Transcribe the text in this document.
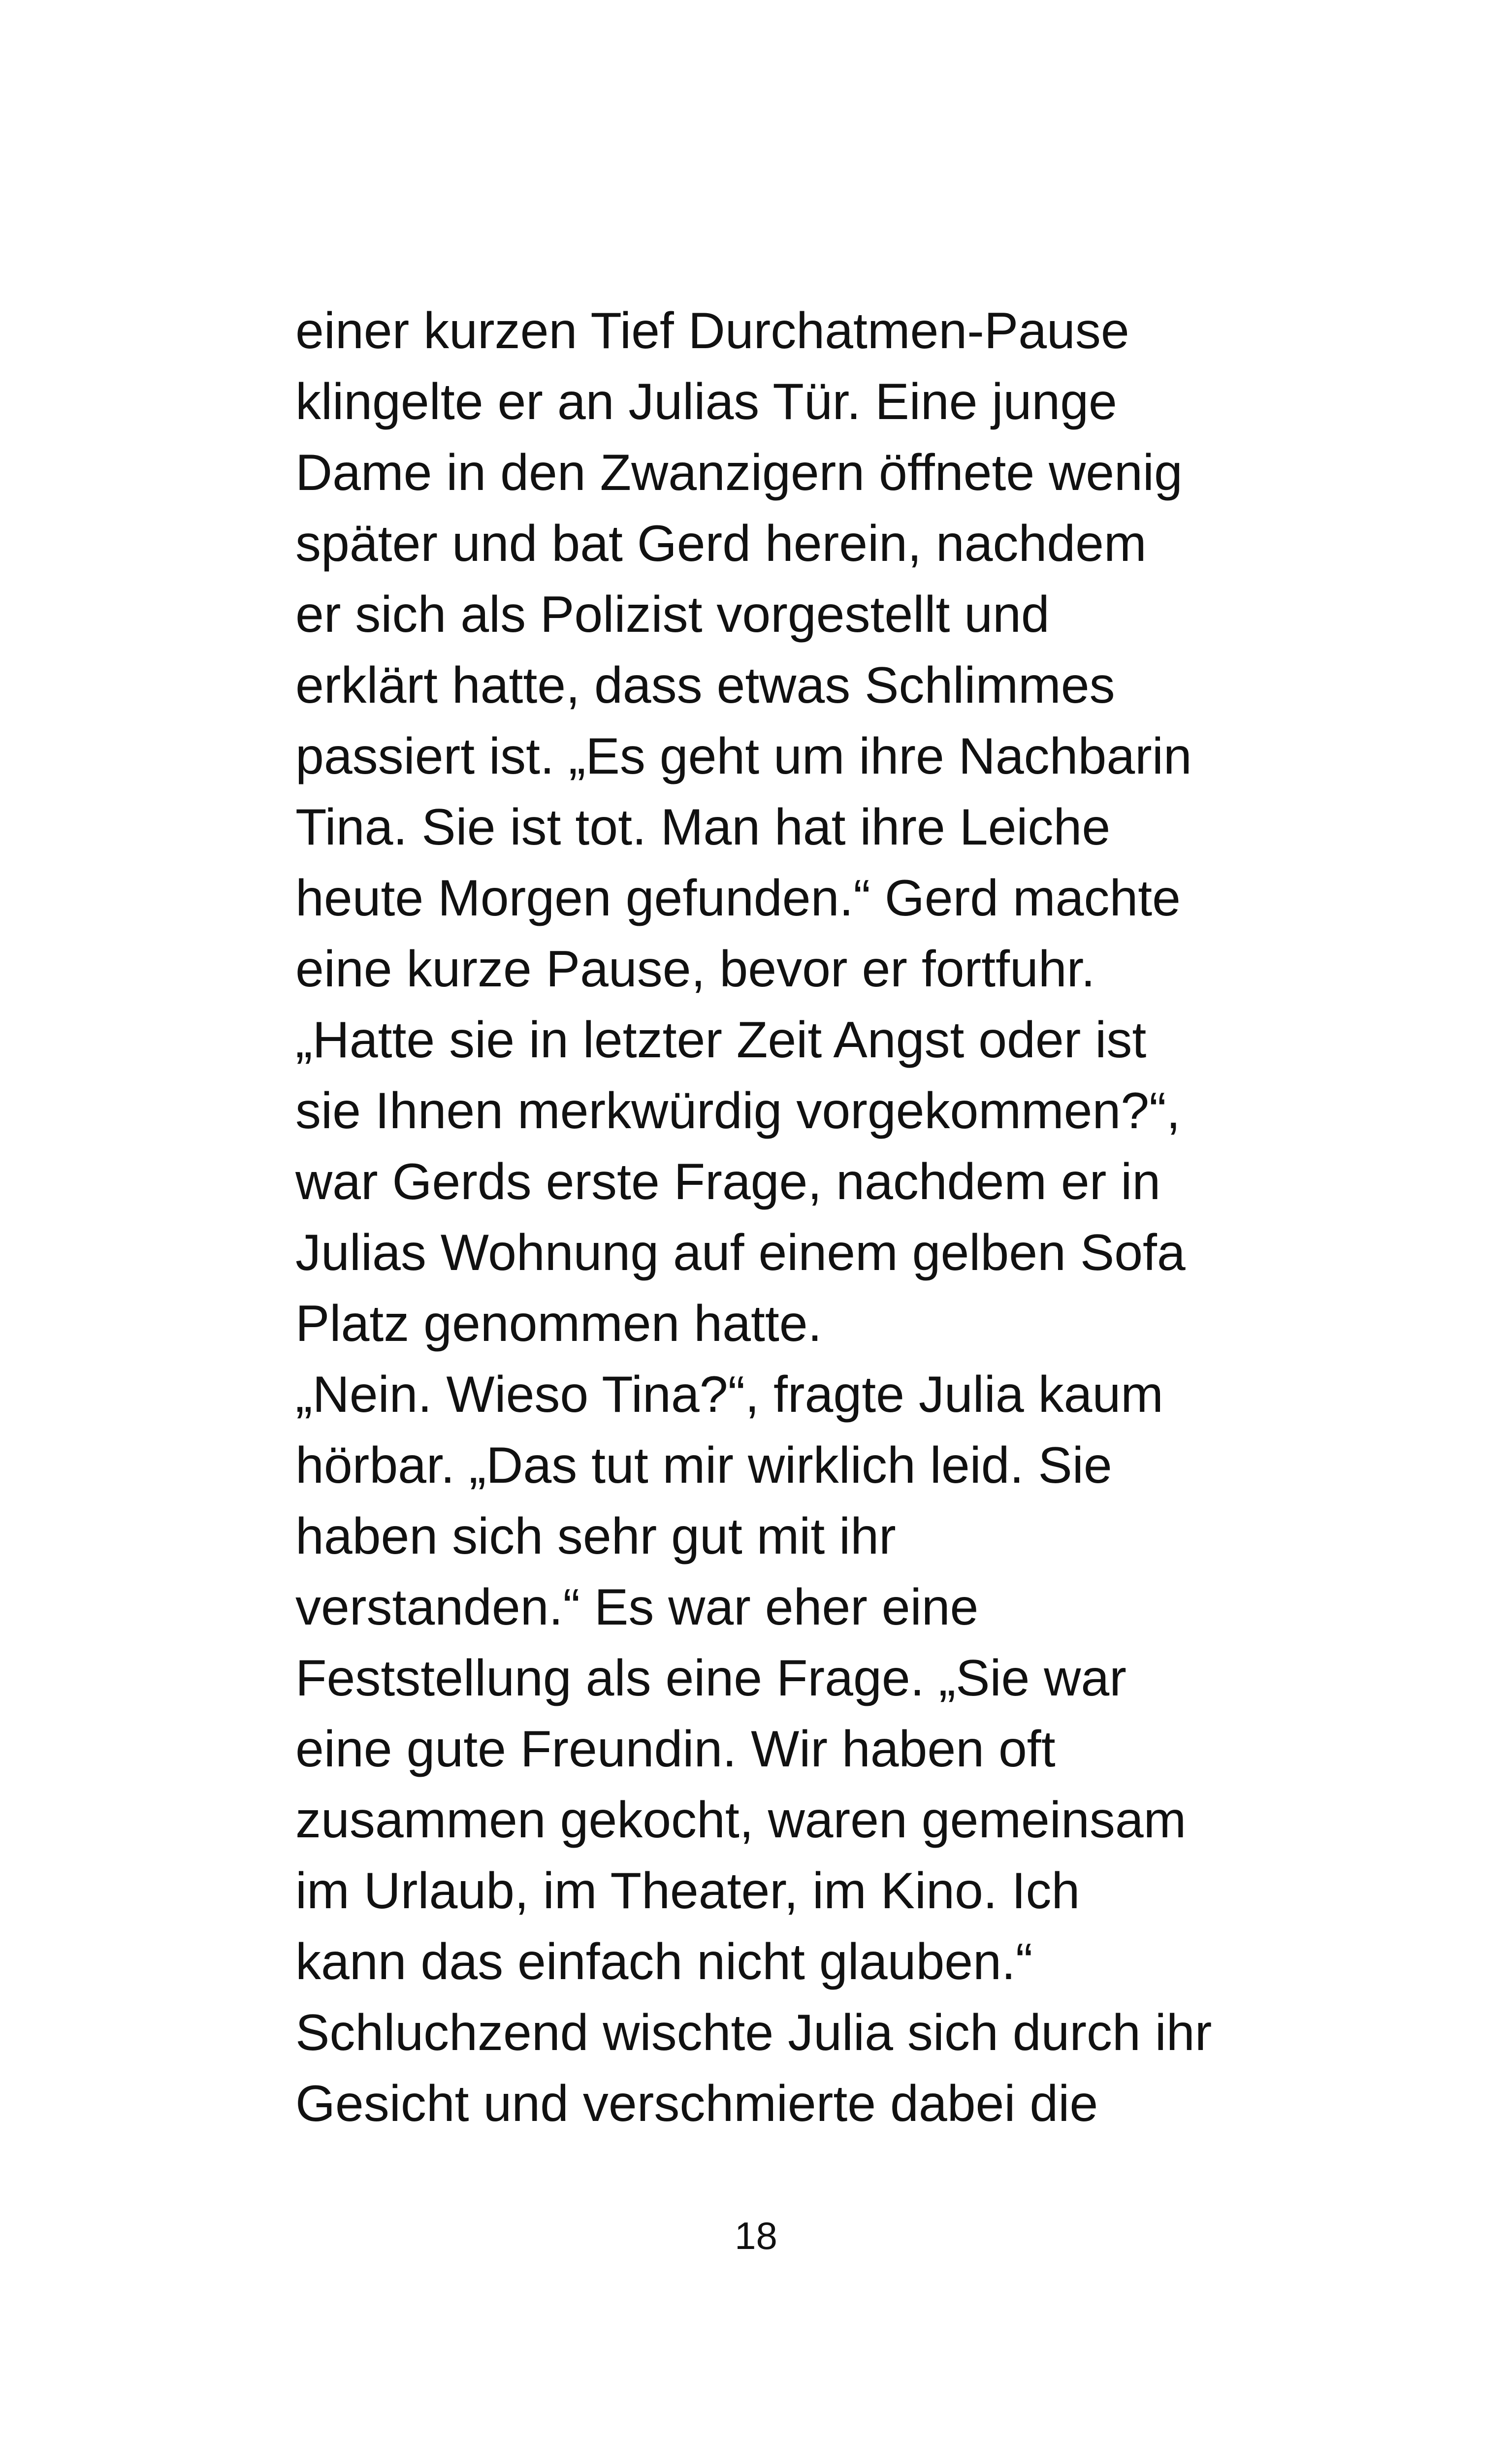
einer kurzen Tief Durchatmen-Pause
klingelte er an Julias Tür. Eine junge
Dame in den Zwanzigern öffnete wenig
später und bat Gerd herein, nachdem
er sich als Polizist vorgestellt und
erklärt hatte, dass etwas Schlimmes
passiert ist. „Es geht um ihre Nachbarin
Tina. Sie ist tot. Man hat ihre Leiche
heute Morgen gefunden.“ Gerd machte
eine kurze Pause, bevor er fortfuhr.
„Hatte sie in letzter Zeit Angst oder ist
sie Ihnen merkwürdig vorgekommen?“,
war Gerds erste Frage, nachdem er in
Julias Wohnung auf einem gelben Sofa
Platz genommen hatte.
„Nein. Wieso Tina?“, fragte Julia kaum
hörbar. „Das tut mir wirklich leid. Sie
haben sich sehr gut mit ihr
verstanden.“ Es war eher eine
Feststellung als eine Frage. „Sie war
eine gute Freundin. Wir haben oft
zusammen gekocht, waren gemeinsam
im Urlaub, im Theater, im Kino. Ich
kann das einfach nicht glauben.“
Schluchzend wischte Julia sich durch ihr
Gesicht und verschmierte dabei die
18
